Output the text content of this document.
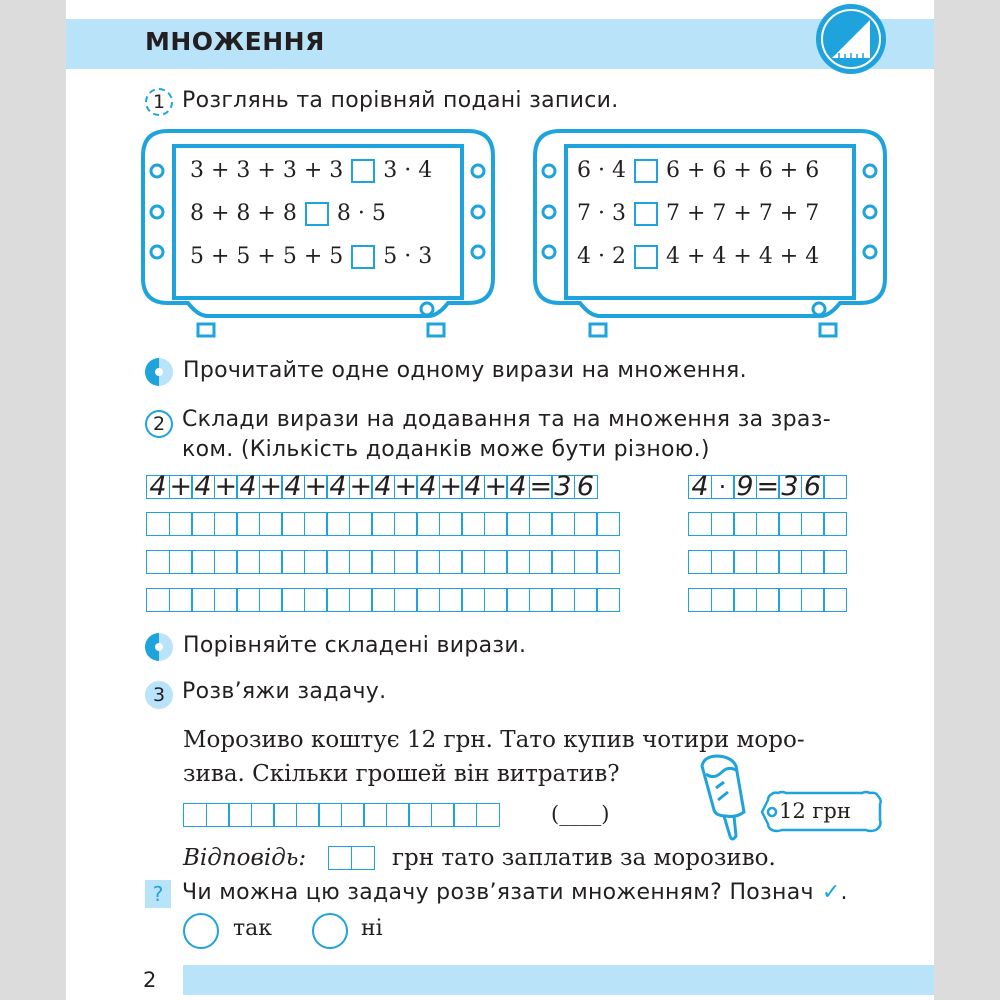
МНОЖЕННЯ
1 Розглянь та порівняй подані записи.
3 + 3 + 3 + 3 3 · 4
8 + 8 + 8 8 · 5
5 + 5 + 5 + 5 5 · 3
6 · 4 6 + 6 + 6 + 6
7 · 3 7 + 7 + 7 + 7
4 · 2 4 + 4 + 4 + 4
Прочитайте одне одному вирази на множення.
2 Склади вирази на додавання та на множення за зраз-
ком. (Кількість доданків може бути різною.)
4 + 4 + 4 + 4 + 4 + 4 + 4 + 4 + 4 = 3 6	4 · 9 = 3 6
Порівняйте складені вирази.
3 Розв’яжи задачу.
Морозиво коштує 12 грн. Тато купив чотири моро-
зива. Скільки грошей він витратив?
(____)	12 грн
Відповідь:	грн тато заплатив за морозиво.
? Чи можна цю задачу розв’язати множенням? Познач ✓ .
так	ні
2
